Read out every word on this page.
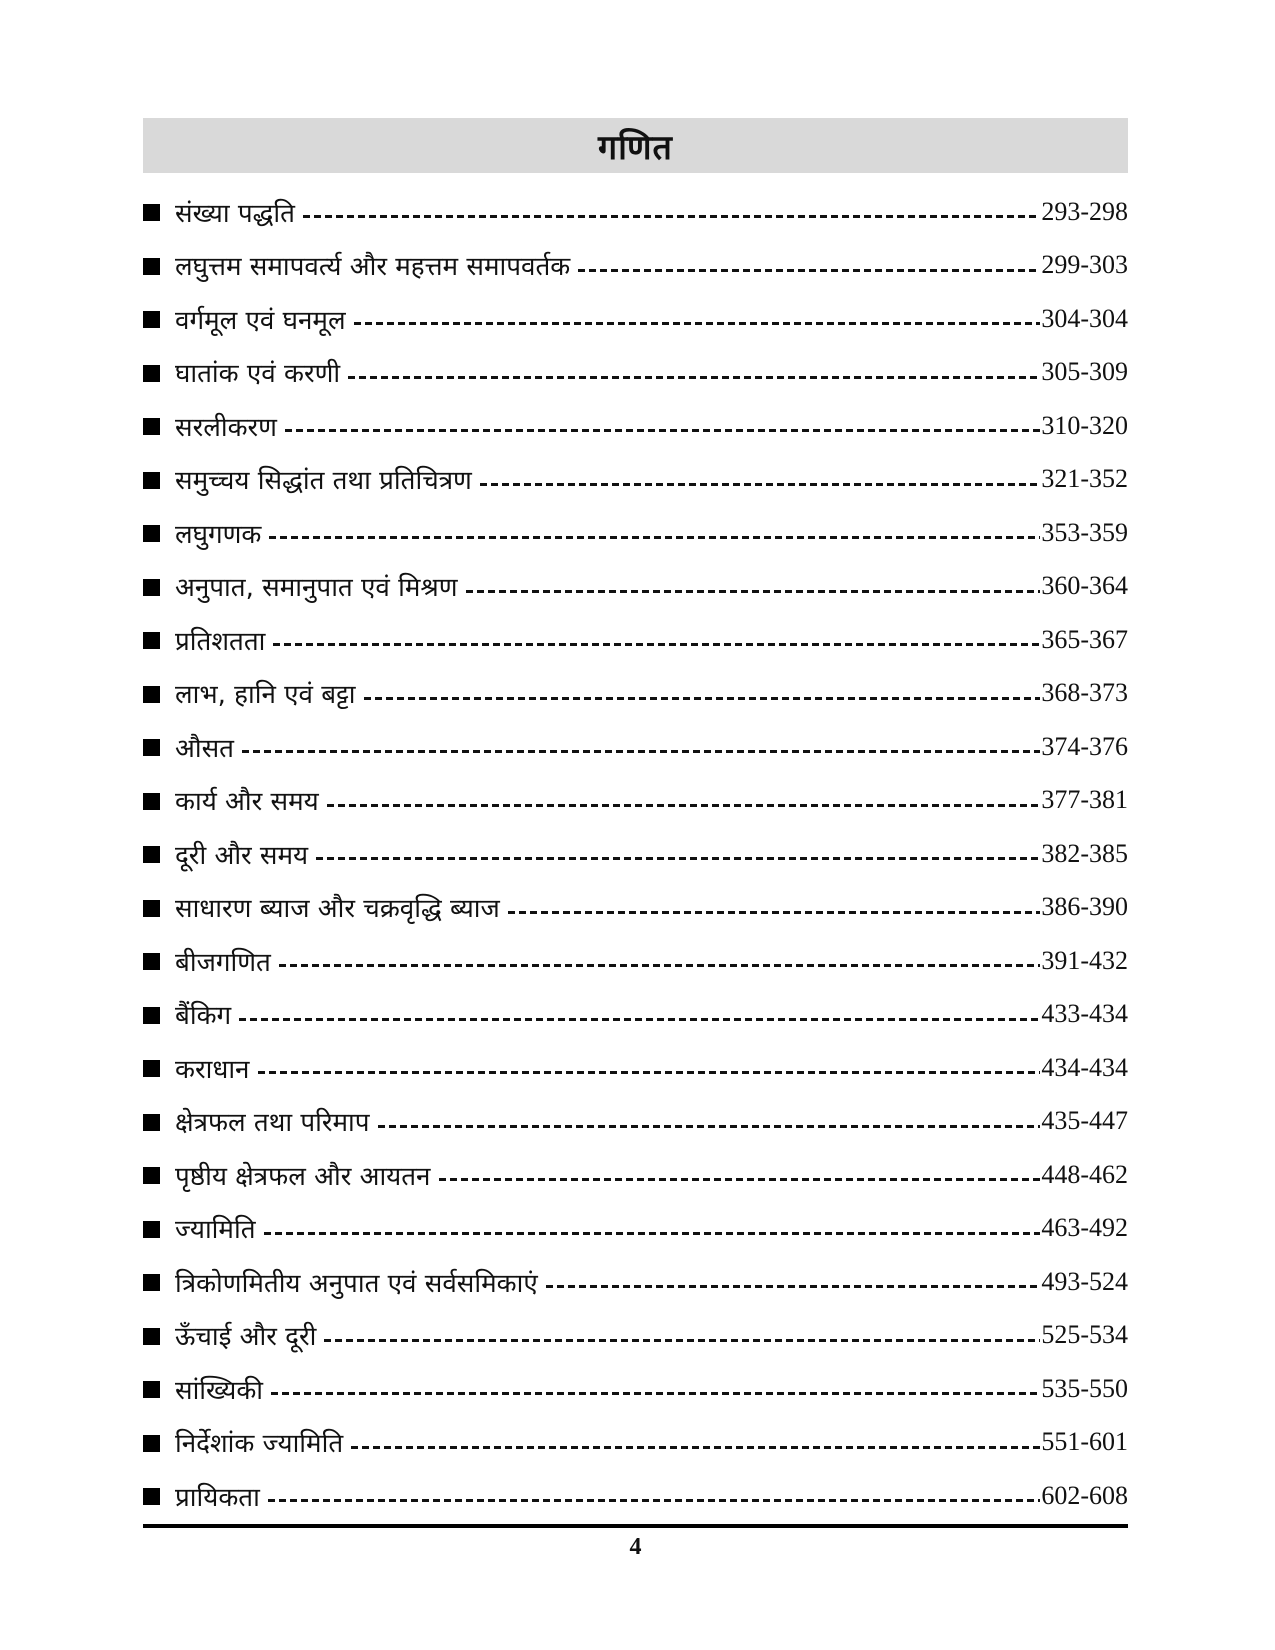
गणित
संख्या पद्धति	293-298
लघुत्तम समापवर्त्य और महत्तम समापवर्तक	299-303
वर्गमूल एवं घनमूल	304-304
घातांक एवं करणी	305-309
सरलीकरण	310-320
समुच्चय सिद्धांत तथा प्रतिचित्रण	321-352
लघुगणक	353-359
अनुपात, समानुपात एवं मिश्रण	360-364
प्रतिशतता	365-367
लाभ, हानि एवं बट्टा	368-373
औसत	374-376
कार्य और समय	377-381
दूरी और समय	382-385
साधारण ब्याज और चक्रवृद्धि ब्याज	386-390
बीजगणित	391-432
बैंकिग	433-434
कराधान	434-434
क्षेत्रफल तथा परिमाप	435-447
पृष्ठीय क्षेत्रफल और आयतन	448-462
ज्यामिति	463-492
त्रिकोणमितीय अनुपात एवं सर्वसमिकाएं	493-524
ऊँचाई और दूरी	525-534
सांख्यिकी	535-550
निर्देशांक ज्यामिति	551-601
प्रायिकता	602-608
4
